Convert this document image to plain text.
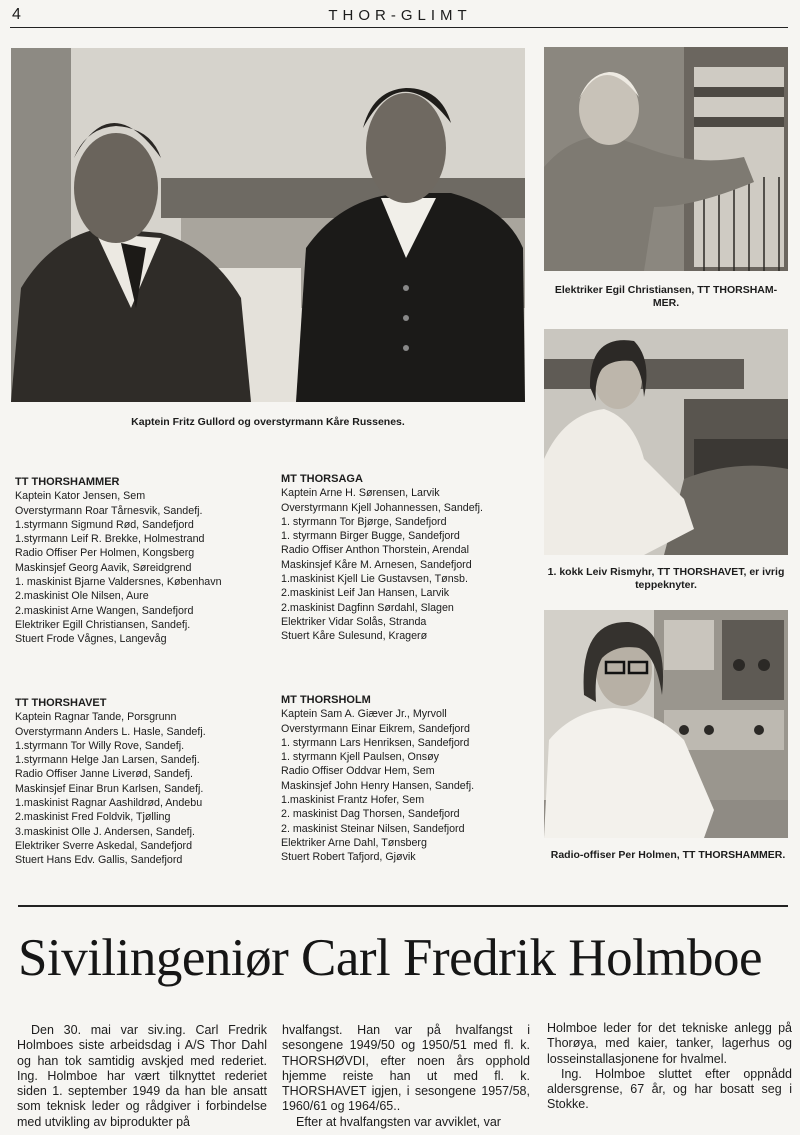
4	THOR-GLIMT
Kaptein Fritz Gullord og overstyrmann Kåre Russenes.
Elektriker Egil Christiansen, TT THORSHAM-MER.
1. kokk Leiv Rismyhr, TT THORSHAVET, er ivrig teppeknyter.
Radio-offiser Per Holmen, TT THORSHAMMER.
TT THORSHAMMER
Kaptein Kator Jensen, Sem
Overstyrmann Roar Tårnesvik, Sandefj.
1.styrmann Sigmund Rød, Sandefjord
1.styrmann Leif R. Brekke, Holmestrand
Radio Offiser Per Holmen, Kongsberg
Maskinsjef Georg Aavik, Søreidgrend
1. maskinist Bjarne Valdersnes, København
2.maskinist Ole Nilsen, Aure
2.maskinist Arne Wangen, Sandefjord
Elektriker Egill Christiansen, Sandefj.
Stuert Frode Vågnes, Langevåg
MT THORSAGA
Kaptein Arne H. Sørensen, Larvik
Overstyrmann Kjell Johannessen, Sandefj.
1. styrmann Tor Bjørge, Sandefjord
1. styrmann Birger Bugge, Sandefjord
Radio Offiser Anthon Thorstein, Arendal
Maskinsjef Kåre M. Arnesen, Sandefjord
1.maskinist Kjell Lie Gustavsen, Tønsb.
2.maskinist Leif Jan Hansen, Larvik
2.maskinist Dagfinn Sørdahl, Slagen
Elektriker Vidar Solås, Stranda
Stuert Kåre Sulesund, Kragerø
TT THORSHAVET
Kaptein Ragnar Tande, Porsgrunn
Overstyrmann Anders L. Hasle, Sandefj.
1.styrmann Tor Willy Rove, Sandefj.
1.styrmann Helge Jan Larsen, Sandefj.
Radio Offiser Janne Liverød, Sandefj.
Maskinsjef Einar Brun Karlsen, Sandefj.
1.maskinist Ragnar Aashildrød, Andebu
2.maskinist Fred Foldvik, Tjølling
3.maskinist Olle J. Andersen, Sandefj.
Elektriker Sverre Askedal, Sandefjord
Stuert Hans Edv. Gallis, Sandefjord
MT THORSHOLM
Kaptein Sam A. Giæver Jr., Myrvoll
Overstyrmann Einar Eikrem, Sandefjord
1. styrmann Lars Henriksen, Sandefjord
1. styrmann Kjell Paulsen, Onsøy
Radio Offiser Oddvar Hem, Sem
Maskinsjef John Henry Hansen, Sandefj.
1.maskinist Frantz Hofer, Sem
2. maskinist Dag Thorsen, Sandefjord
2. maskinist Steinar Nilsen, Sandefjord
Elektriker Arne Dahl, Tønsberg
Stuert Robert Tafjord, Gjøvik
Sivilingeniør Carl Fredrik Holmboe

Den 30. mai var siv.ing. Carl Fredrik Holmboes siste arbeidsdag i A/S Thor Dahl og han tok samtidig avskjed med rederiet. Ing. Holmboe har vært tilknyttet rederiet siden 1. september 1949 da han ble ansatt som teknisk leder og rådgiver i forbindelse med utvikling av biprodukter på

hvalfangst. Han var på hvalfangst i sesongene 1949/50 og 1950/51 med fl. k. THORSHØVDI, efter noen års opphold hjemme reiste han ut med fl. k. THORSHAVET igjen, i sesongene 1957/58, 1960/61 og 1964/65..

Efter at hvalfangsten var avviklet, var

Holmboe leder for det tekniske anlegg på Thorøya, med kaier, tanker, lagerhus og losseinstallasjonene for hvalmel.

Ing. Holmboe sluttet efter oppnådd aldersgrense, 67 år, og har bosatt seg i Stokke.
